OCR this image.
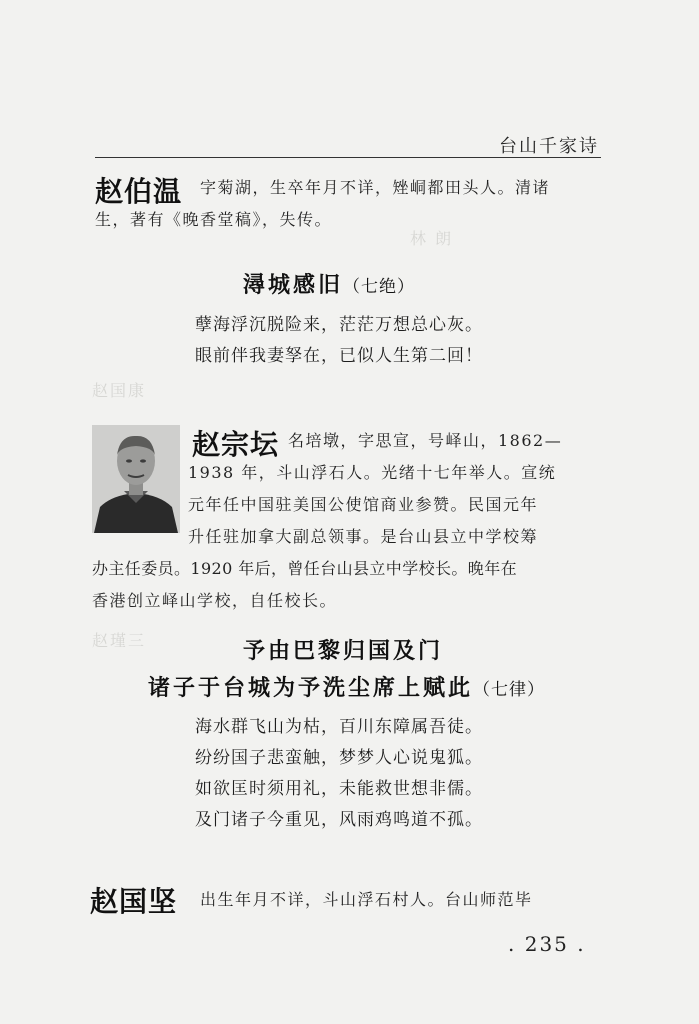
林 朗
赵国康
赵瑾三
台山千家诗
赵伯温 字菊湖，生卒年月不详，矬峒都田头人。清诸
生，著有《晚香堂稿》，失传。
潯城感旧（七绝）
孽海浮沉脱险来，茫茫万想总心灰。
眼前伴我妻孥在，已似人生第二回！
赵宗坛 名培墩，字思宣，号峄山，1862—
1938 年，斗山浮石人。光绪十七年举人。宣统
元年任中国驻美国公使馆商业参赞。民国元年
升任驻加拿大副总领事。是台山县立中学校筹
办主任委员。1920 年后，曾任台山县立中学校长。晚年在
香港创立峄山学校，自任校长。
予由巴黎归国及门
诸子于台城为予洗尘席上赋此（七律）
海水群飞山为枯，百川东障属吾徒。
纷纷国子悲蛮触，梦梦人心说鬼狐。
如欲匡时须用礼，未能救世想非儒。
及门诸子今重见，风雨鸡鸣道不孤。
赵国坚 出生年月不详，斗山浮石村人。台山师范毕
. 235 .
